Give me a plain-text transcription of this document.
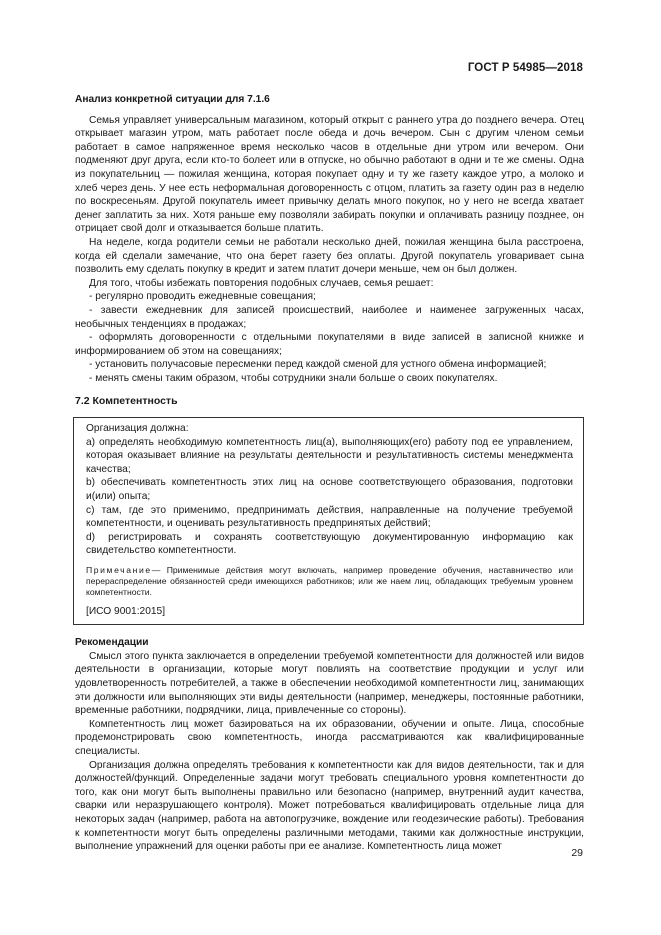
ГОСТ Р 54985—2018

Анализ конкретной ситуации для 7.1.6

Семья управляет универсальным магазином, который открыт с раннего утра до позднего вечера. Отец открывает магазин утром, мать работает после обеда и дочь вечером. Сын с другим членом семьи работает в самое напряженное время несколько часов в отдельные дни утром или вечером. Они подменяют друг друга, если кто-то болеет или в отпуске, но обычно работают в одни и те же смены. Одна из покупательниц — пожилая женщина, которая покупает одну и ту же газету каждое утро, а молоко и хлеб через день. У нее есть неформальная договоренность с отцом, платить за газету один раз в неделю по воскресеньям. Другой покупатель имеет привычку делать много покупок, но у него не всегда хватает денег заплатить за них. Хотя раньше ему позволяли забирать покупки и оплачивать разницу позднее, он отрицает свой долг и отказывается больше платить.

На неделе, когда родители семьи не работали несколько дней, пожилая женщина была расстроена, когда ей сделали замечание, что она берет газету без оплаты. Другой покупатель уговаривает сына позволить ему сделать покупку в кредит и затем платит дочери меньше, чем он был должен.

Для того, чтобы избежать повторения подобных случаев, семья решает:

- регулярно проводить ежедневные совещания;

- завести ежедневник для записей происшествий, наиболее и наименее загруженных часах, необычных тенденциях в продажах;

- оформлять договоренности с отдельными покупателями в виде записей в записной книжке и информированием об этом на совещаниях;

- установить получасовые пересменки перед каждой сменой для устного обмена информацией;

- менять смены таким образом, чтобы сотрудники знали больше о своих покупателях.

7.2 Компетентность

Организация должна:

а) определять необходимую компетентность лиц(а), выполняющих(его) работу под ее управлением, которая оказывает влияние на результаты деятельности и результативность системы менеджмента качества;

b) обеспечивать компетентность этих лиц на основе соответствующего образования, подготовки и(или) опыта;

c) там, где это применимо, предпринимать действия, направленные на получение требуемой компетентности, и оценивать результативность предпринятых действий;

d) регистрировать и сохранять соответствующую документированную информацию как свидетельство компетентности.

Примечание— Применимые действия могут включать, например проведение обучения, наставничество или перераспределение обязанностей среди имеющихся работников; или же наем лиц, обладающих требуемым уровнем компетентности.

[ИСО 9001:2015]

Рекомендации

Смысл этого пункта заключается в определении требуемой компетентности для должностей или видов деятельности в организации, которые могут повлиять на соответствие продукции и услуг или удовлетворенность потребителей, а также в обеспечении необходимой компетентности лиц, занимающих эти должности или выполняющих эти виды деятельности (например, менеджеры, постоянные работники, временные работники, подрядчики, лица, привлеченные со стороны).

Компетентность лиц может базироваться на их образовании, обучении и опыте. Лица, способные продемонстрировать свою компетентность, иногда рассматриваются как квалифицированные специалисты.

Организация должна определять требования к компетентности как для видов деятельности, так и для должностей/функций. Определенные задачи могут требовать специального уровня компетентности до того, как они могут быть выполнены правильно или безопасно (например, внутренний аудит качества, сварки или неразрушающего контроля). Может потребоваться квалифицировать отдельные лица для некоторых задач (например, работа на автопогрузчике, вождение или геодезические работы). Требования к компетентности могут быть определены различными методами, такими как должностные инструкции, выполнение упражнений для оценки работы при ее анализе. Компетентность лица может

29
